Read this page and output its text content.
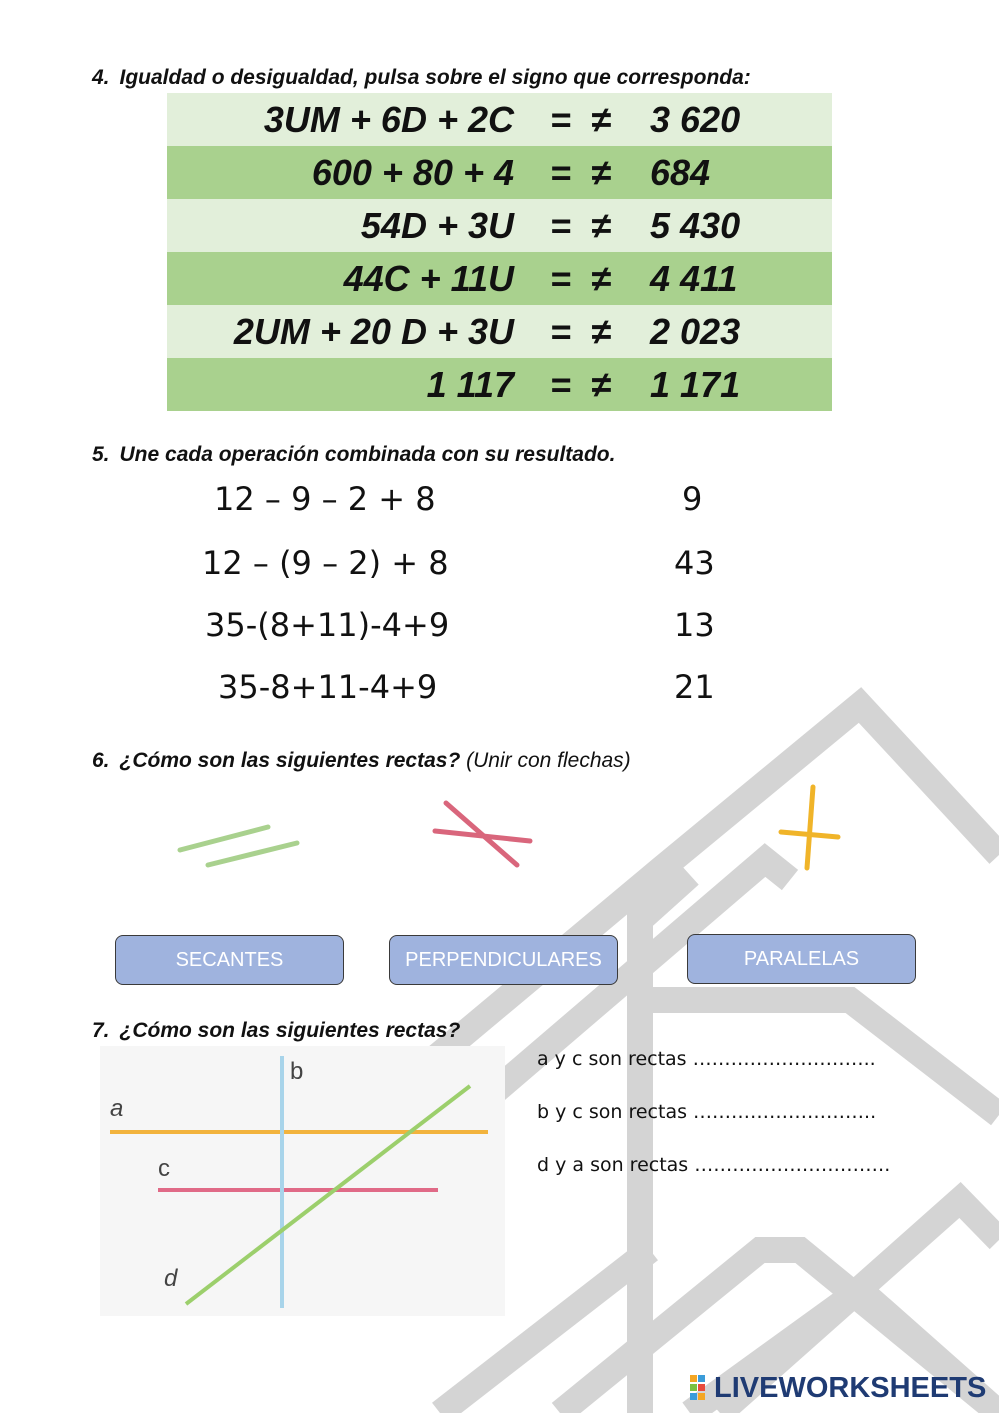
4. Igualdad o desigualdad, pulsa sobre el signo que corresponda:
3UM + 6D + 2C = ≠ 3 620
600 + 80 + 4 = ≠ 684
54D + 3U = ≠ 5 430
44C + 11U = ≠ 4 411
2UM + 20 D + 3U = ≠ 2 023
1 117 = ≠ 1 171
5. Une cada operación combinada con su resultado.
12 – 9 – 2 + 8
12 – (9 – 2) + 8
35-(8+11)-4+9
35-8+11-4+9
9
43
13
21
6. ¿Cómo son las siguientes rectas? (Unir con flechas)
SECANTES	PERPENDICULARES	PARALELAS
7. ¿Cómo son las siguientes rectas?
b
a
c
d
a y c son rectas ………………………..
b y c son rectas ………………………..
d y a son rectas ………………………….
LIVEWORKSHEETS
